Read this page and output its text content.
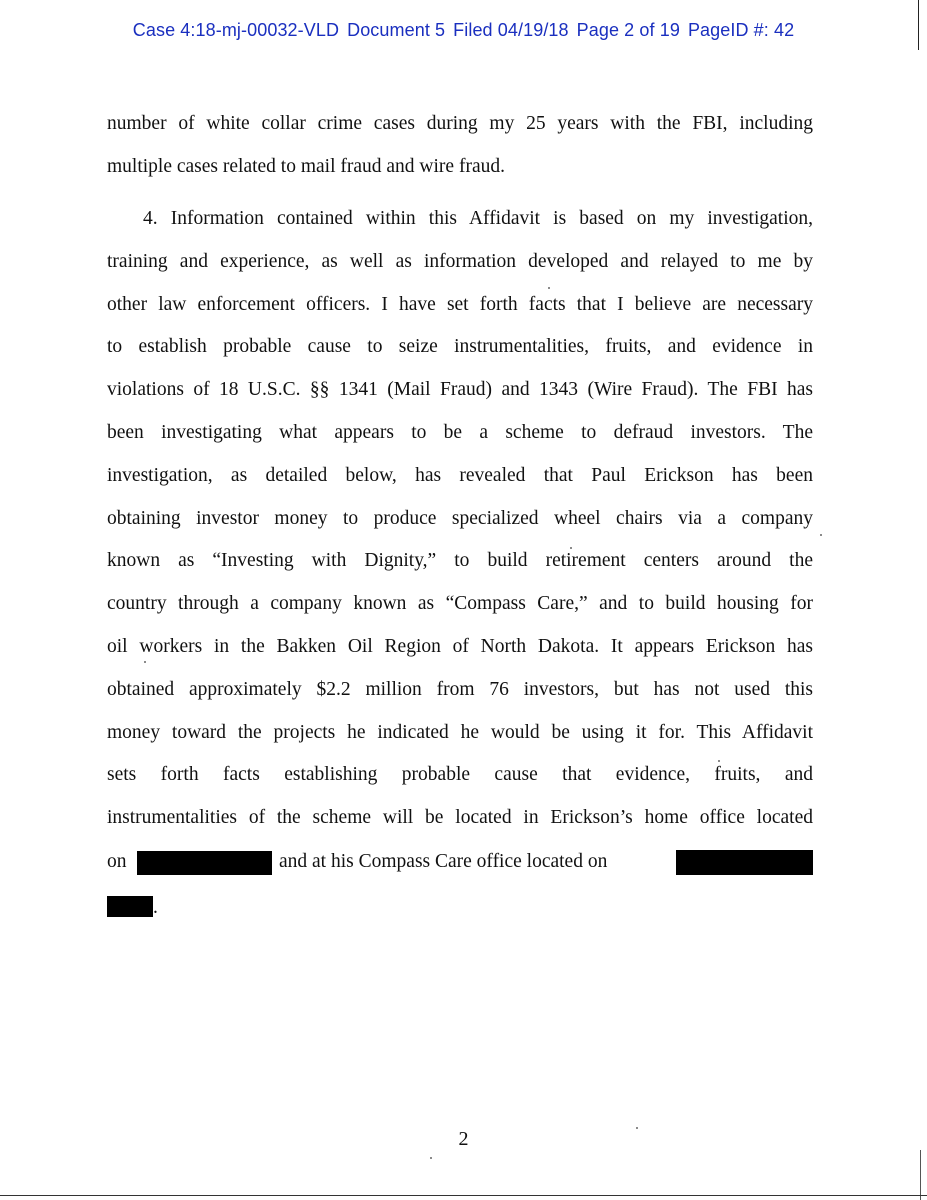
Case 4:18-mj-00032-VLD Document 5 Filed 04/19/18 Page 2 of 19 PageID #: 42
number of white collar crime cases during my 25 years with the FBI, including
multiple cases related to mail fraud and wire fraud.
4. Information contained within this Affidavit is based on my investigation,
training and experience, as well as information developed and relayed to me by
other law enforcement officers. I have set forth facts that I believe are necessary
to establish probable cause to seize instrumentalities, fruits, and evidence in
violations of 18 U.S.C. §§ 1341 (Mail Fraud) and 1343 (Wire Fraud). The FBI has
been investigating what appears to be a scheme to defraud investors. The
investigation, as detailed below, has revealed that Paul Erickson has been
obtaining investor money to produce specialized wheel chairs via a company
known as “Investing with Dignity,” to build retirement centers around the
country through a company known as “Compass Care,” and to build housing for
oil workers in the Bakken Oil Region of North Dakota. It appears Erickson has
obtained approximately $2.2 million from 76 investors, but has not used this
money toward the projects he indicated he would be using it for. This Affidavit
sets forth facts establishing probable cause that evidence, fruits, and
instrumentalities of the scheme will be located in Erickson’s home office located
on	and at his Compass Care office located on
.
2
